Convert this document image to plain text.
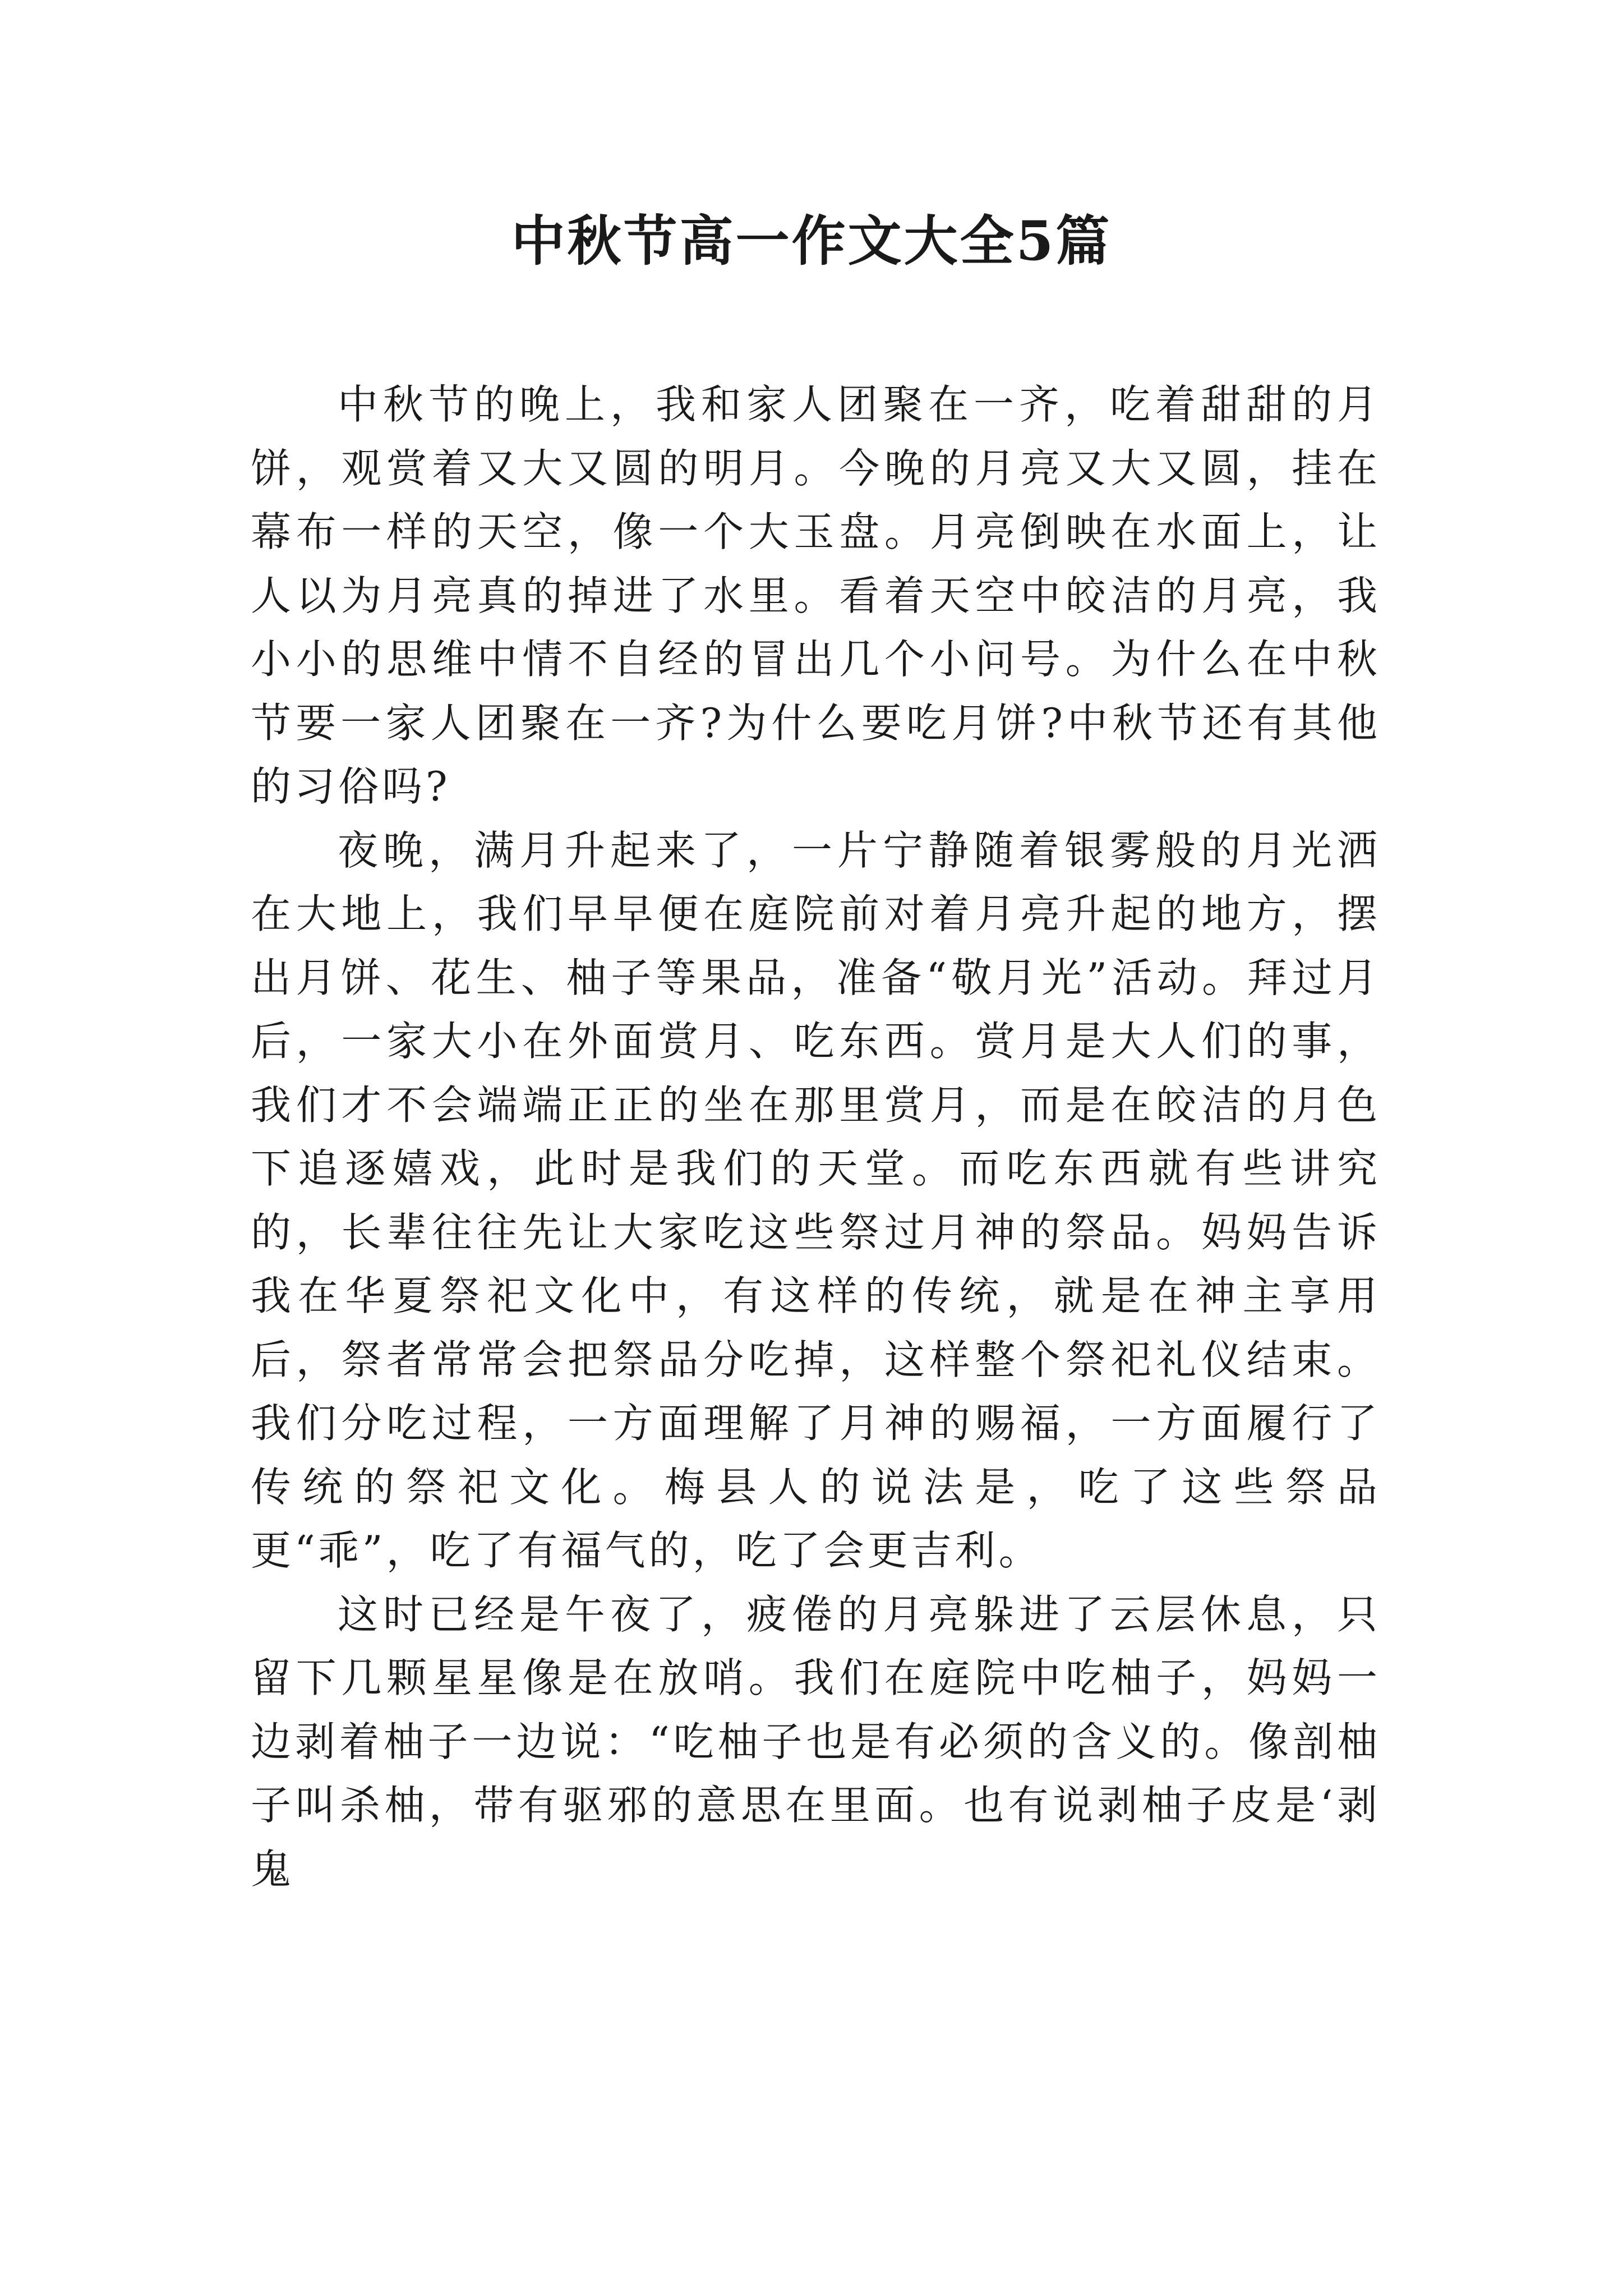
中秋节高一作文大全5篇

中秋节的晚上，我和家人团聚在一齐，吃着甜甜的月饼，观赏着又大又圆的明月。今晚的月亮又大又圆，挂在幕布一样的天空，像一个大玉盘。月亮倒映在水面上，让人以为月亮真的掉进了水里。看着天空中皎洁的月亮，我小小的思维中情不自经的冒出几个小问号。为什么在中秋节要一家人团聚在一齐?为什么要吃月饼?中秋节还有其他的习俗吗?

夜晚，满月升起来了，一片宁静随着银雾般的月光洒在大地上，我们早早便在庭院前对着月亮升起的地方，摆出月饼、花生、柚子等果品，准备“敬月光”活动。拜过月后，一家大小在外面赏月、吃东西。赏月是大人们的事，我们才不会端端正正的坐在那里赏月，而是在皎洁的月色下追逐嬉戏，此时是我们的天堂。而吃东西就有些讲究的，长辈往往先让大家吃这些祭过月神的祭品。妈妈告诉我在华夏祭祀文化中，有这样的传统，就是在神主享用后，祭者常常会把祭品分吃掉，这样整个祭祀礼仪结束。我们分吃过程，一方面理解了月神的赐福，一方面履行了传统的祭祀文化。梅县人的说法是，吃了这些祭品更“乖”，吃了有福气的，吃了会更吉利。

这时已经是午夜了，疲倦的月亮躲进了云层休息，只留下几颗星星像是在放哨。我们在庭院中吃柚子，妈妈一边剥着柚子一边说：“吃柚子也是有必须的含义的。像剖柚子叫杀柚，带有驱邪的意思在里面。也有说剥柚子皮是‘剥鬼
